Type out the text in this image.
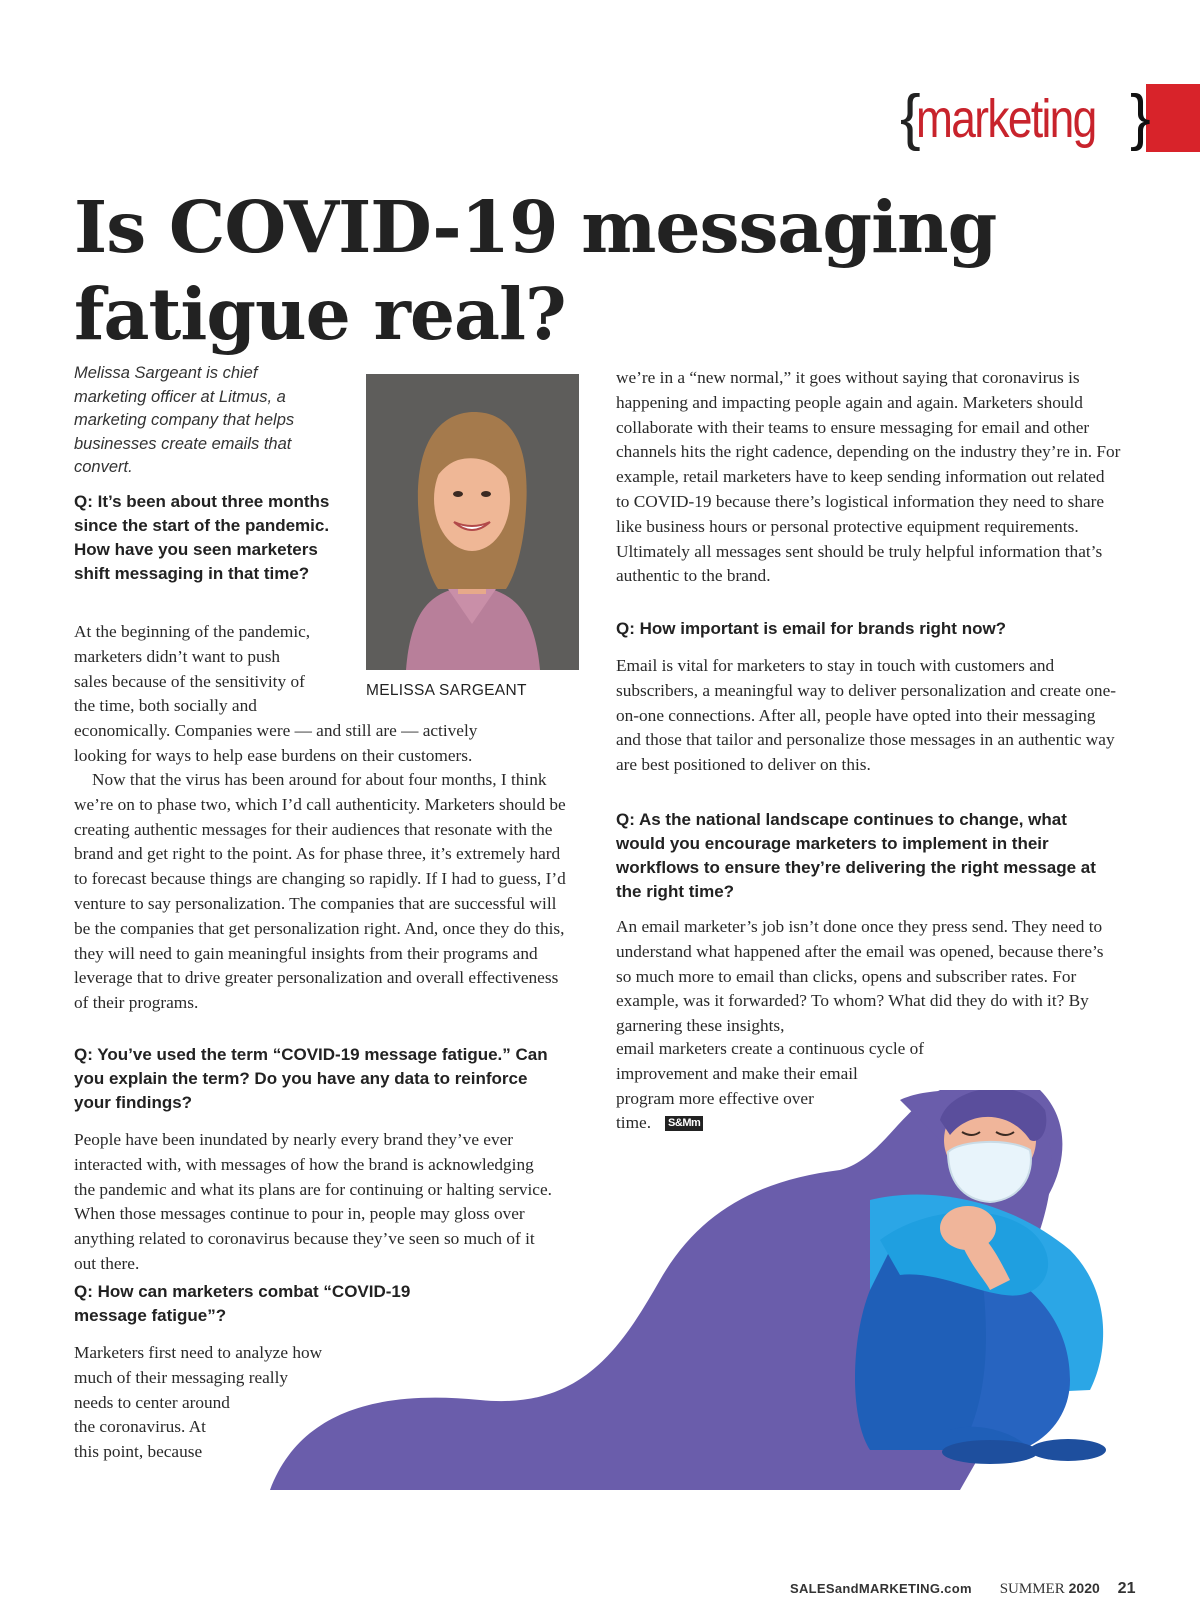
{
marketing }
Is COVID-19 messaging
fatigue real?

Melissa Sargeant is chief marketing officer at Litmus, a marketing company that helps businesses create emails that convert.

MELISSA SARGEANT

Q: It’s been about three months since the start of the pandemic. How have you seen marketers shift messaging in that time?

At the beginning of the pandemic,
marketers didn’t want to push
sales because of the sensitivity of
the time, both socially and

economically. Companies were — and still are — actively looking for ways to help ease burdens on their customers.

Now that the virus has been around for about four months, I think we’re on to phase two, which I’d call authenticity. Marketers should be creating authentic messages for their audiences that resonate with the brand and get right to the point. As for phase three, it’s extremely hard to forecast because things are changing so rapidly. If I had to guess, I’d venture to say personalization. The companies that are successful will be the companies that get personalization right. And, once they do this, they will need to gain meaningful insights from their programs and leverage that to drive greater personalization and overall effectiveness of their programs.

Q: You’ve used the term “COVID-19 message fatigue.” Can you explain the term? Do you have any data to reinforce your findings?

People have been inundated by nearly every brand they’ve ever interacted with, with messages of how the brand is acknowledging the pandemic and what its plans are for continuing or halting service. When those messages continue to pour in, people may gloss over anything related to coronavirus because they’ve seen so much of it out there.

Q: How can marketers combat “COVID-19 message fatigue”?

Marketers first need to analyze how
much of their messaging really
needs to center around
the coronavirus. At
this point, because

we’re in a “new normal,” it goes without saying that coronavirus is happening and impacting people again and again. Marketers should collaborate with their teams to ensure messaging for email and other channels hits the right cadence, depending on the industry they’re in. For example, retail marketers have to keep sending information out related to COVID-19 because there’s logistical information they need to share like business hours or personal protective equipment requirements. Ultimately all messages sent should be truly helpful information that’s authentic to the brand.

Q: How important is email for brands right now?

Email is vital for marketers to stay in touch with customers and subscribers, a meaningful way to deliver personalization and create one-on-one connections. After all, people have opted into their messaging and those that tailor and personalize those messages in an authentic way are best positioned to deliver on this.

Q: As the national landscape continues to change, what would you encourage marketers to implement in their workflows to ensure they’re delivering the right message at the right time?

An email marketer’s job isn’t done once they press send. They need to understand what happened after the email was opened, because there’s so much more to email than clicks, opens and subscriber rates. For example, was it forwarded? To whom? What did they do with it? By garnering these insights,

email marketers create a continuous cycle of
improvement and make their email
program more effective over
time. S&Mm
SALESandMARKETING.com SUMMER 2020 21
